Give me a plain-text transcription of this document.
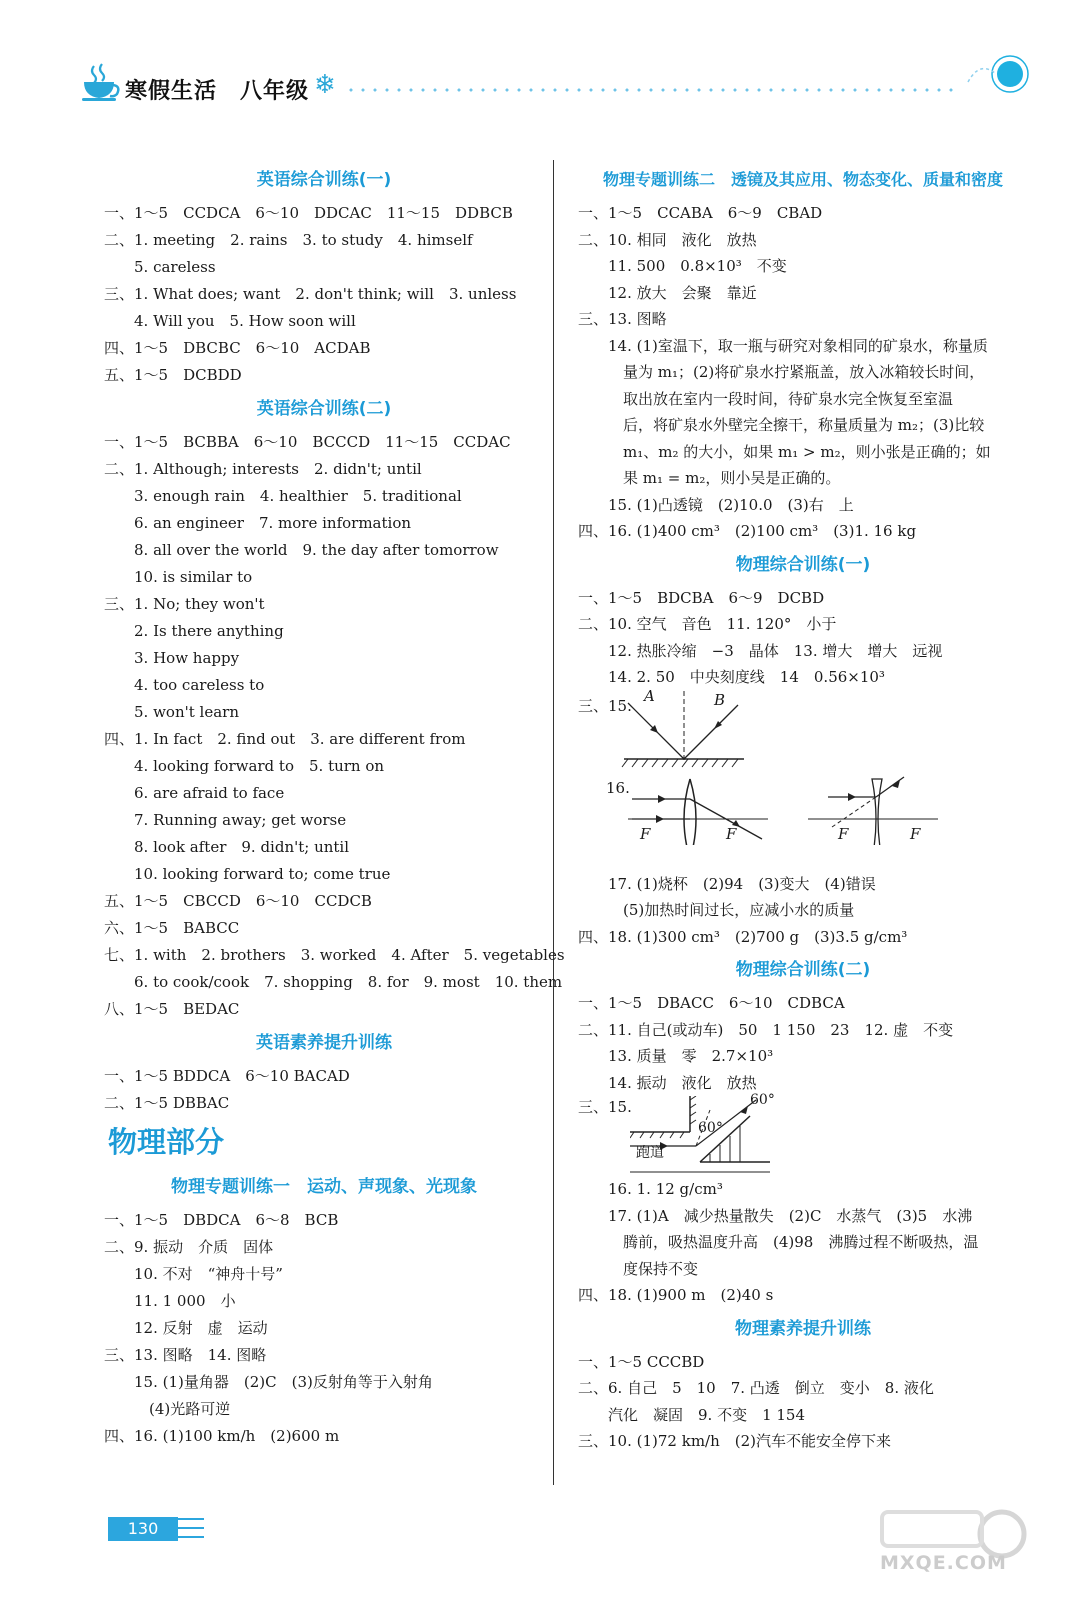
寒假生活 八年级 ❄
英语综合训练(一)
一、1～5　CCDCA　6～10　DDCAC　11～15　DDBCB
二、1. meeting　2. rains　3. to study　4. himself
　　5. careless
三、1. What does; want　2. don't think; will　3. unless
　　4. Will you　5. How soon will
四、1～5　DBCBC　6～10　ACDAB
五、1～5　DCBDD
英语综合训练(二)
一、1～5　BCBBA　6～10　BCCCD　11～15　CCDAC
二、1. Although; interests　2. didn't; until
　　3. enough rain　4. healthier　5. traditional
　　6. an engineer　7. more information
　　8. all over the world　9. the day after tomorrow
　　10. is similar to
三、1. No; they won't
　　2. Is there anything
　　3. How happy
　　4. too careless to
　　5. won't learn
四、1. In fact　2. find out　3. are different from
　　4. looking forward to　5. turn on
　　6. are afraid to face
　　7. Running away; get worse
　　8. look after　9. didn't; until
　　10. looking forward to; come true
五、1～5　CBCCD　6～10　CCDCB
六、1～5　BABCC
七、1. with　2. brothers　3. worked　4. After　5. vegetables
　　6. to cook/cook　7. shopping　8. for　9. most　10. them
八、1～5　BEDAC
英语素养提升训练
一、1～5 BDDCA　6～10 BACAD
二、1～5 DBBAC
物理部分
物理专题训练一　运动、声现象、光现象
一、1～5　DBDCA　6～8　BCB
二、9. 振动　介质　固体
　　10. 不对　“神舟十号”
　　11. 1 000　小
　　12. 反射　虚　运动
三、13. 图略　14. 图略
　　15. (1)量角器　(2)C　(3)反射角等于入射角
　　　(4)光路可逆
四、16. (1)100 km/h　(2)600 m
物理专题训练二　透镜及其应用、物态变化、质量和密度
一、1～5　CCABA　6～9　CBAD
二、10. 相同　液化　放热
　　11. 500　0.8×10³　不变
　　12. 放大　会聚　靠近
三、13. 图略
　　14. (1)室温下，取一瓶与研究对象相同的矿泉水，称量质
　　　量为 m₁；(2)将矿泉水拧紧瓶盖，放入冰箱较长时间，
　　　取出放在室内一段时间，待矿泉水完全恢复至室温
　　　后，将矿泉水外壁完全擦干，称量质量为 m₂；(3)比较
　　　m₁、m₂ 的大小，如果 m₁ > m₂，则小张是正确的；如
　　　果 m₁ = m₂，则小吴是正确的。
　　15. (1)凸透镜　(2)10.0　(3)右　上
四、16. (1)400 cm³　(2)100 cm³　(3)1. 16 kg
物理综合训练(一)
一、1～5　BDCBA　6～9　DCBD
二、10. 空气　音色　11. 120°　小于
　　12. 热胀冷缩　−3　晶体　13. 增大　增大　远视
　　14. 2. 50　中央刻度线　14　0.56×10³
三、15.
A	B
16.
F	F	F	F
　　17. (1)烧杯　(2)94　(3)变大　(4)错误
　　　(5)加热时间过长，应减小水的质量
四、18. (1)300 cm³　(2)700 g　(3)3.5 g/cm³
物理综合训练(二)
一、1～5　DBACC　6～10　CDBCA
二、11. 自己(或动车)　50　1 150　23　12. 虚　不变
　　13. 质量　零　2.7×10³
　　14. 振动　液化　放热
三、15.	60°
60°
跑道
　　16. 1. 12 g/cm³
　　17. (1)A　减少热量散失　(2)C　水蒸气　(3)5　水沸
　　　腾前，吸热温度升高　(4)98　沸腾过程不断吸热，温
　　　度保持不变
四、18. (1)900 m　(2)40 s
物理素养提升训练
一、1～5 CCCBD
二、6. 自己　5　10　7. 凸透　倒立　变小　8. 液化
　　汽化　凝固　9. 不变　1 154
三、10. (1)72 km/h　(2)汽车不能安全停下来
130
MXQE.COM
